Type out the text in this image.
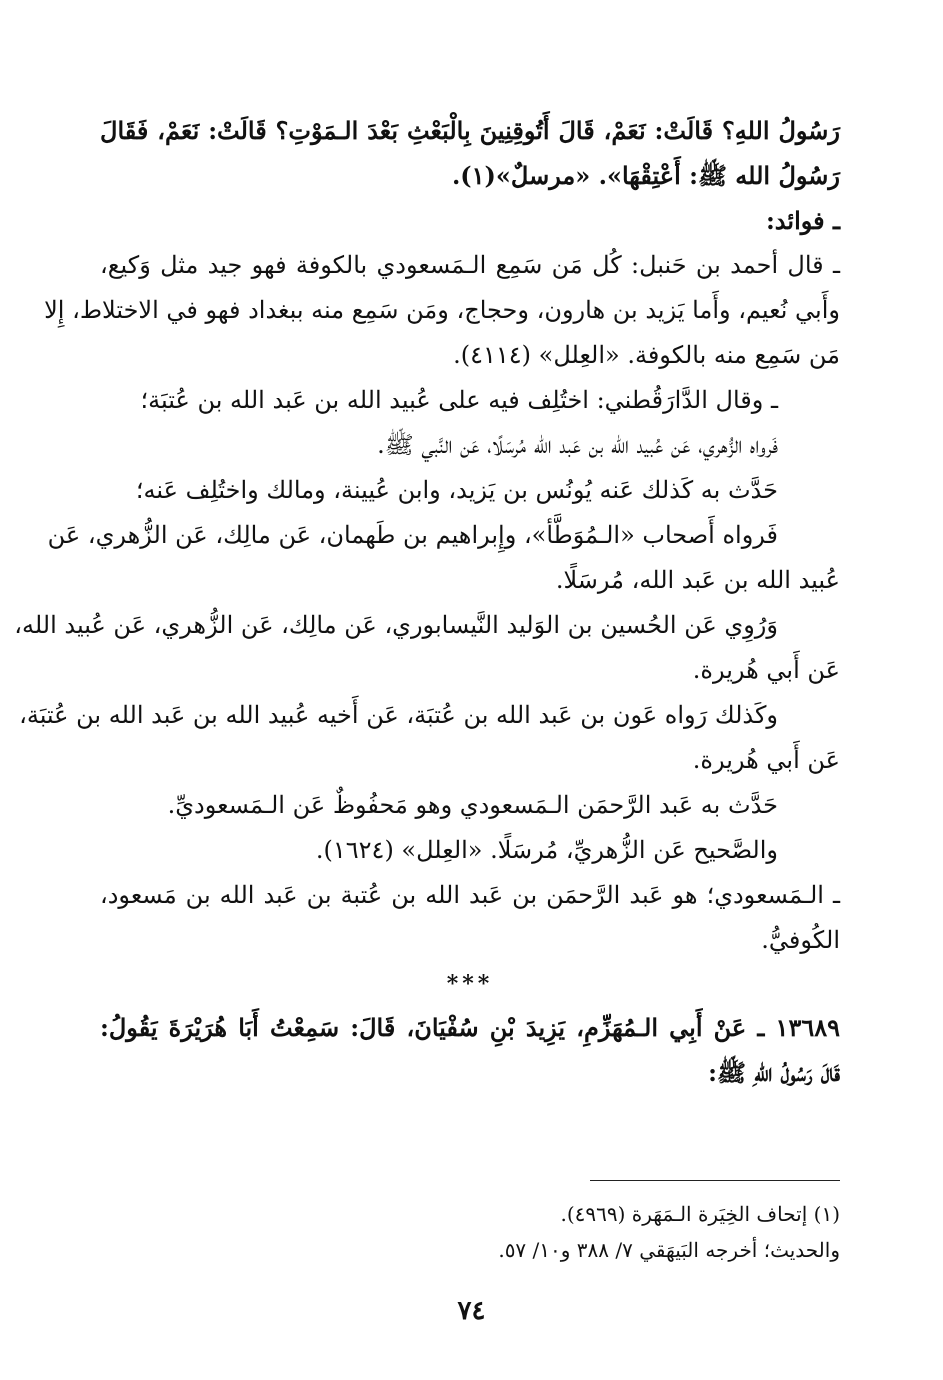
رَسُولُ اللهِ؟ قَالَتْ: نَعَمْ، قَالَ أَتُوقِنِينَ بِالْبَعْثِ بَعْدَ الـمَوْتِ؟ قَالَتْ: نَعَمْ، فَقَالَ
رَسُولُ الله ﷺ: أَعْتِقْهَا». «مرسلٌ»(١).
ـ فوائد:
ـ قال أحمد بن حَنبل: كُل مَن سَمِع الـمَسعودي بالكوفة فهو جيد مثل وَكيع،
وأَبي نُعيم، وأَما يَزيد بن هارون، وحجاج، ومَن سَمِع منه ببغداد فهو في الاختلاط، إِلا
مَن سَمِع منه بالكوفة. «العِلل» (٤١١٤).
ـ وقال الدَّارَقُطني: اختُلِف فيه على عُبيد الله بن عَبد الله بن عُتبَة؛
فَرواه الزُّهري، عَن عُبيد الله بن عَبد الله مُرسَلًا، عَن النَّبي ﷺ.
حَدَّث به كَذلك عَنه يُونُس بن يَزيد، وابن عُيينة، ومالك واختُلِف عَنه؛
فَرواه أَصحاب «الـمُوَطَّأ»، وإِبراهيم بن طَهمان، عَن مالِك، عَن الزُّهري، عَن
عُبيد الله بن عَبد الله، مُرسَلًا.
وَرُوِي عَن الحُسين بن الوَليد النَّيسابوري، عَن مالِك، عَن الزُّهري، عَن عُبيد الله،
عَن أَبي هُريرة.
وكَذلك رَواه عَون بن عَبد الله بن عُتبَة، عَن أَخيه عُبيد الله بن عَبد الله بن عُتبَة،
عَن أَبي هُريرة.
حَدَّث به عَبد الرَّحمَن الـمَسعودي وهو مَحفُوظٌ عَن الـمَسعوديِّ.
والصَّحيح عَن الزُّهريِّ، مُرسَلًا. «العِلل» (١٦٢٤).
ـ الـمَسعودي؛ هو عَبد الرَّحمَن بن عَبد الله بن عُتبة بن عَبد الله بن مَسعود،
الكُوفيُّ.
***
١٣٦٨٩ ـ عَنْ أَبِي الـمُهَزِّمِ، يَزِيدَ بْنِ سُفْيَانَ، قَالَ: سَمِعْتُ أَبَا هُرَيْرَةَ يَقُولُ:
قَالَ رَسُولُ اللهِ ﷺ:
(١) إتحاف الخِيَرة الـمَهَرة (٤٩٦٩).
والحديث؛ أخرجه البَيهَقي ٧/ ٣٨٨ و١٠/ ٥٧.
٧٤
